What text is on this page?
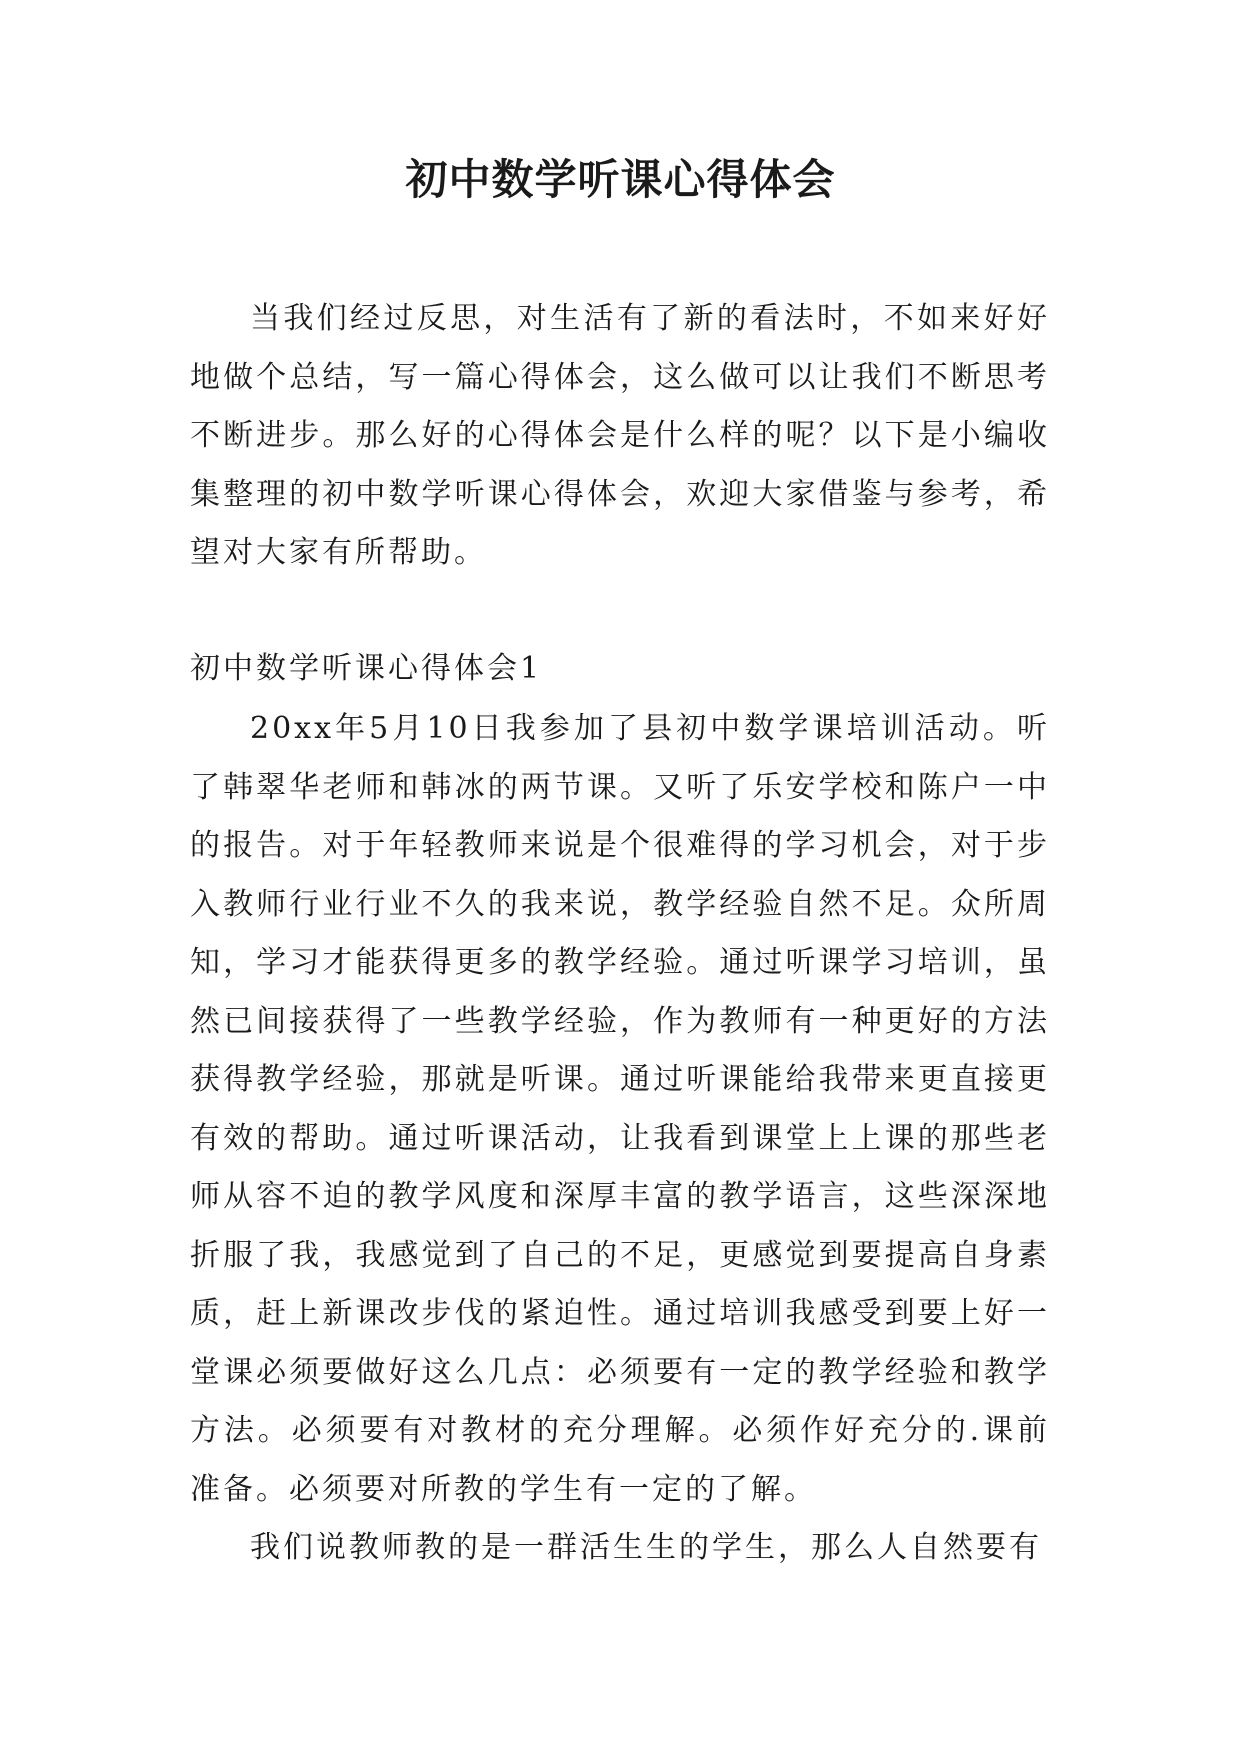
初中数学听课心得体会

当我们经过反思，对生活有了新的看法时，不如来好好地做个总结，写一篇心得体会，这么做可以让我们不断思考不断进步。那么好的心得体会是什么样的呢？以下是小编收集整理的初中数学听课心得体会，欢迎大家借鉴与参考，希望对大家有所帮助。

初中数学听课心得体会1

20xx年5月10日我参加了县初中数学课培训活动。听了韩翠华老师和韩冰的两节课。又听了乐安学校和陈户一中的报告。对于年轻教师来说是个很难得的学习机会，对于步入教师行业行业不久的我来说，教学经验自然不足。众所周知，学习才能获得更多的教学经验。通过听课学习培训，虽然已间接获得了一些教学经验，作为教师有一种更好的方法获得教学经验，那就是听课。通过听课能给我带来更直接更有效的帮助。通过听课活动，让我看到课堂上上课的那些老师从容不迫的教学风度和深厚丰富的教学语言，这些深深地折服了我，我感觉到了自己的不足，更感觉到要提高自身素质，赶上新课改步伐的紧迫性。通过培训我感受到要上好一堂课必须要做好这么几点：必须要有一定的教学经验和教学方法。必须要有对教材的充分理解。必须作好充分的.课前准备。必须要对所教的学生有一定的了解。

我们说教师教的是一群活生生的学生，那么人自然要有
